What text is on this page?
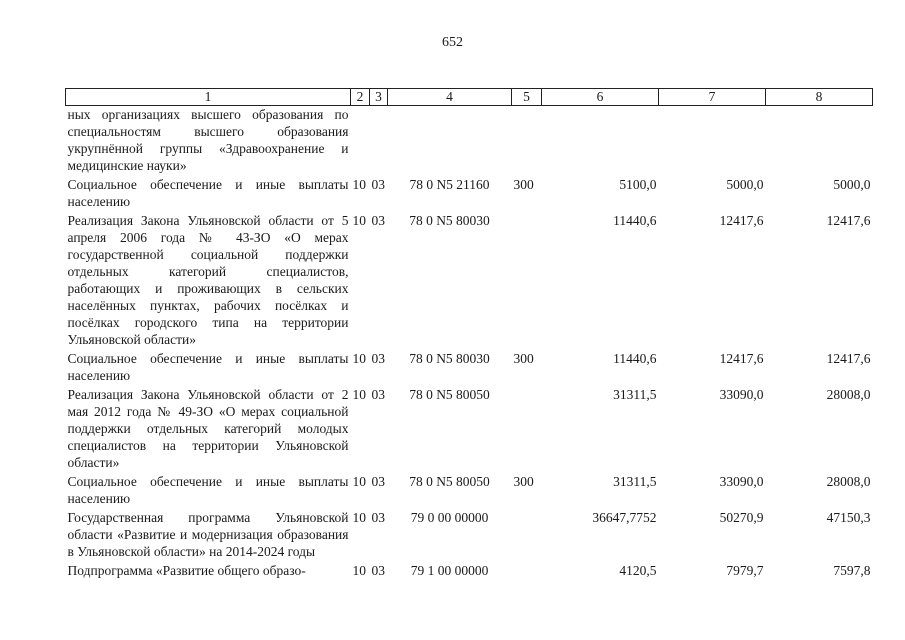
652
1	2	3	4	5	6	7	8
ных организациях высшего образования по специальностям высшего образования укрупнённой группы «Здравоохранение и медицинские науки»							
Социальное обеспечение и иные выплаты населению	10	03	78 0 N5 21160	300	5100,0	5000,0	5000,0
Реализация Закона Ульяновской области от 5 апреля 2006 года № 43-ЗО «О мерах государственной социальной поддержки отдельных категорий специалистов, работающих и проживающих в сельских населённых пунктах, рабочих посёлках и посёлках городского типа на территории Ульяновской области»	10	03	78 0 N5 80030		11440,6	12417,6	12417,6
Социальное обеспечение и иные выплаты населению	10	03	78 0 N5 80030	300	11440,6	12417,6	12417,6
Реализация Закона Ульяновской области от 2 мая 2012 года № 49-ЗО «О мерах социальной поддержки отдельных категорий молодых специалистов на территории Ульяновской области»	10	03	78 0 N5 80050		31311,5	33090,0	28008,0
Социальное обеспечение и иные выплаты населению	10	03	78 0 N5 80050	300	31311,5	33090,0	28008,0
Государственная программа Ульяновской области «Развитие и модернизация образования в Ульяновской области» на 2014-2024 годы	10	03	79 0 00 00000		36647,7752	50270,9	47150,3
Подпрограмма «Развитие общего образо-	10	03	79 1 00 00000		4120,5	7979,7	7597,8
